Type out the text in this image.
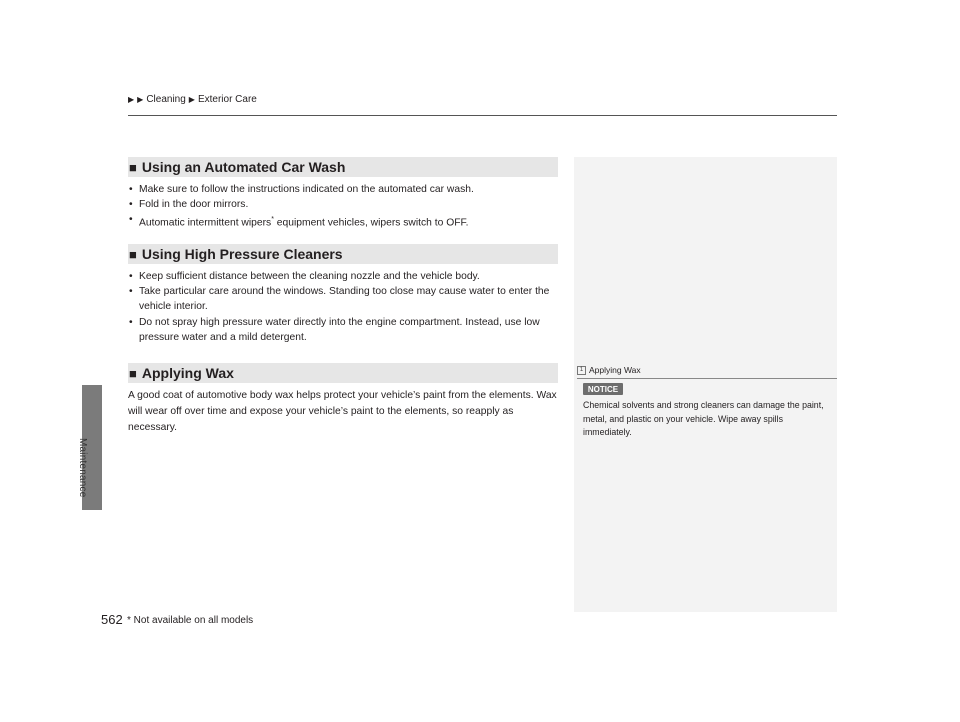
Maintenance
▶ ▶ Cleaning ▶ Exterior Care
■ Using an Automated Car Wash
• Make sure to follow the instructions indicated on the automated car wash.
• Fold in the door mirrors.
• Automatic intermittent wipers* equipment vehicles, wipers switch to OFF.
■ Using High Pressure Cleaners
• Keep sufficient distance between the cleaning nozzle and the vehicle body.
• Take particular care around the windows. Standing too close may cause water to enter the vehicle interior.
• Do not spray high pressure water directly into the engine compartment. Instead, use low pressure water and a mild detergent.
■ Applying Wax

A good coat of automotive body wax helps protect your vehicle’s paint from the elements. Wax will wear off over time and expose your vehicle’s paint to the elements, so reapply as necessary.

1 Applying Wax
NOTICE

Chemical solvents and strong cleaners can damage the paint, metal, and plastic on your vehicle. Wipe away spills immediately.

562 * Not available on all models
